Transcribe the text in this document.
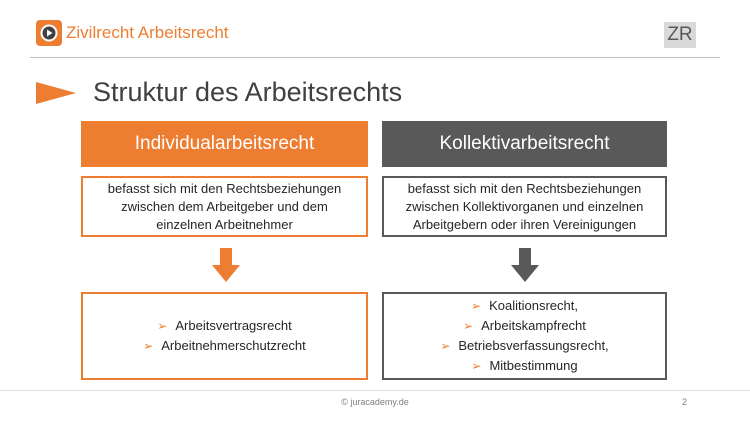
Zivilrecht Arbeitsrecht	ZR
Struktur des Arbeitsrechts
Individualarbeitsrecht	Kollektivarbeitsrecht
befasst sich mit den Rechtsbeziehungen
zwischen dem Arbeitgeber und dem
einzelnen Arbeitnehmer
befasst sich mit den Rechtsbeziehungen
zwischen Kollektivorganen und einzelnen
Arbeitgebern oder ihren Vereinigungen
➢ Arbeitsvertragsrecht
➢ Arbeitnehmerschutzrecht
➢ Koalitionsrecht,
➢ Arbeitskampfrecht
➢ Betriebsverfassungsrecht,
➢ Mitbestimmung
© juracademy.de	2
